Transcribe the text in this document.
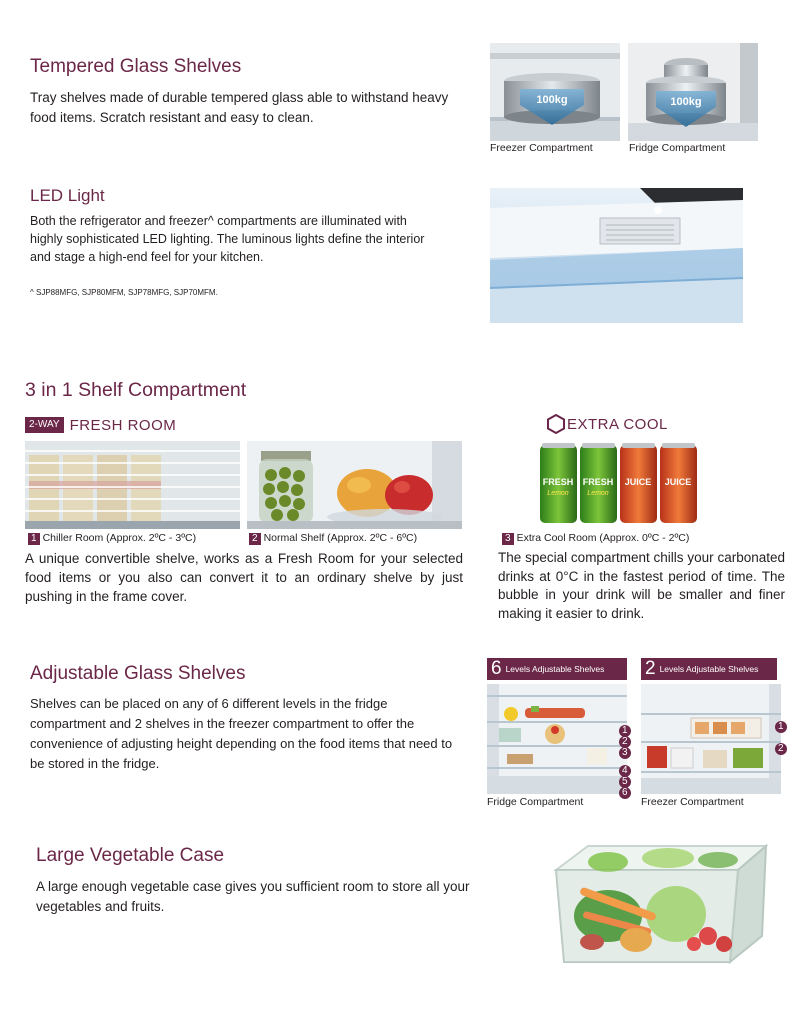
Tempered Glass Shelves

Tray shelves made of durable tempered glass able to withstand heavy food items. Scratch resistant and easy to clean.

100kg
Freezer Compartment
100kg
Fridge Compartment
LED Light

Both the refrigerator and freezer^ compartments are illuminated with highly sophisticated LED lighting. The luminous lights define the interior and stage a high-end feel for your kitchen.

^ SJP88MFG, SJP80MFM, SJP78MFG, SJP70MFM.
3 in 1 Shelf Compartment
2-WAY FRESH ROOM	EXTRA COOL
FRESH FRESH JUICE JUICE
Lemon	Lemon
1 Chiller Room (Approx. 2ºC - 3ºC)	2 Normal Shelf (Approx. 2ºC - 6ºC)	3 Extra Cool Room (Approx. 0ºC - 2ºC)

A unique convertible shelve, works as a Fresh Room for your selected food items or you also can convert it to an ordinary shelve by just pushing in the frame cover.

The special compartment chills your carbonated drinks at 0°C in the fastest period of time. The bubble in your drink will be smaller and finer making it easier to drink.

Adjustable Glass Shelves

Shelves can be placed on any of 6 different levels in the fridge compartment and 2 shelves in the freezer compartment to offer the convenience of adjusting height depending on the food items that need to be stored in the fridge.

6 Levels Adjustable Shelves 2 Levels Adjustable Shelves
1
2
3
4
5
6
1
2
Fridge Compartment	Freezer Compartment
Large Vegetable Case

A large enough vegetable case gives you sufficient room to store all your vegetables and fruits.
